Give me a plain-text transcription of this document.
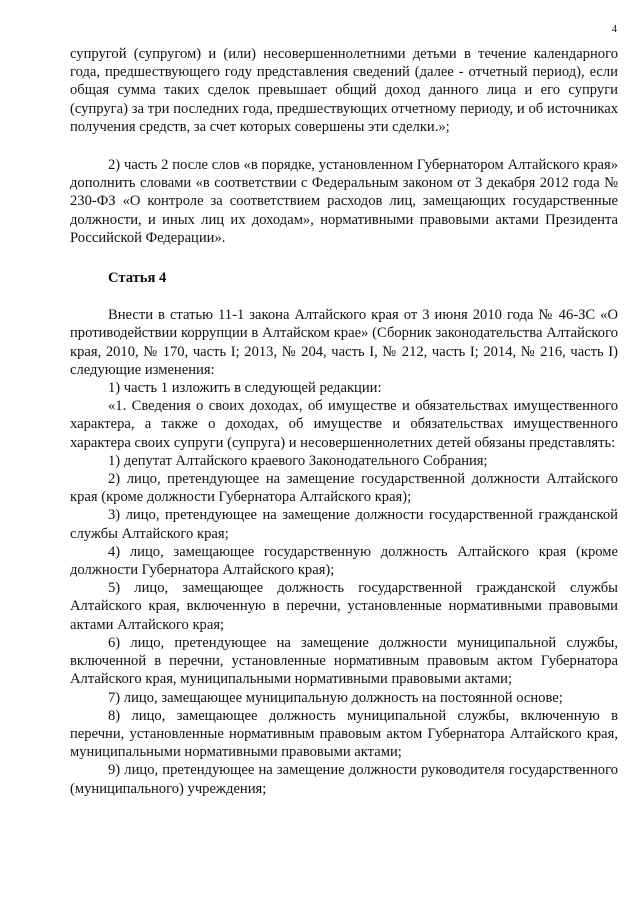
4

супругой (супругом) и (или) несовершеннолетними детьми в течение календарного года, предшествующего году представления сведений (далее - отчетный период), если общая сумма таких сделок превышает общий доход данного лица и его супруги (супруга) за три последних года, предшествующих отчетному периоду, и об источниках получения средств, за счет которых совершены эти сделки.»;

2) часть 2 после слов «в порядке, установленном Губернатором Алтайского края» дополнить словами «в соответствии с Федеральным законом от 3 декабря 2012 года № 230-ФЗ «О контроле за соответствием расходов лиц, замещающих государственные должности, и иных лиц их доходам», нормативными правовыми актами Президента Российской Федерации».

Статья 4

Внести в статью 11-1 закона Алтайского края от 3 июня 2010 года № 46-ЗС «О противодействии коррупции в Алтайском крае» (Сборник законодательства Алтайского края, 2010, № 170, часть I; 2013, № 204, часть I, № 212, часть I; 2014, № 216, часть I) следующие изменения:

1) часть 1 изложить в следующей редакции:

«1. Сведения о своих доходах, об имуществе и обязательствах имущественного характера, а также о доходах, об имуществе и обязательствах имущественного характера своих супруги (супруга) и несовершеннолетних детей обязаны представлять:

1) депутат Алтайского краевого Законодательного Собрания;

2) лицо, претендующее на замещение государственной должности Алтайского края (кроме должности Губернатора Алтайского края);

3) лицо, претендующее на замещение должности государственной гражданской службы Алтайского края;

4) лицо, замещающее государственную должность Алтайского края (кроме должности Губернатора Алтайского края);

5) лицо, замещающее должность государственной гражданской службы Алтайского края, включенную в перечни, установленные нормативными правовыми актами Алтайского края;

6) лицо, претендующее на замещение должности муниципальной службы, включенной в перечни, установленные нормативным правовым актом Губернатора Алтайского края, муниципальными нормативными правовыми актами;

7) лицо, замещающее муниципальную должность на постоянной основе;

8) лицо, замещающее должность муниципальной службы, включенную в перечни, установленные нормативным правовым актом Губернатора Алтайского края, муниципальными нормативными правовыми актами;

9) лицо, претендующее на замещение должности руководителя государственного (муниципального) учреждения;
